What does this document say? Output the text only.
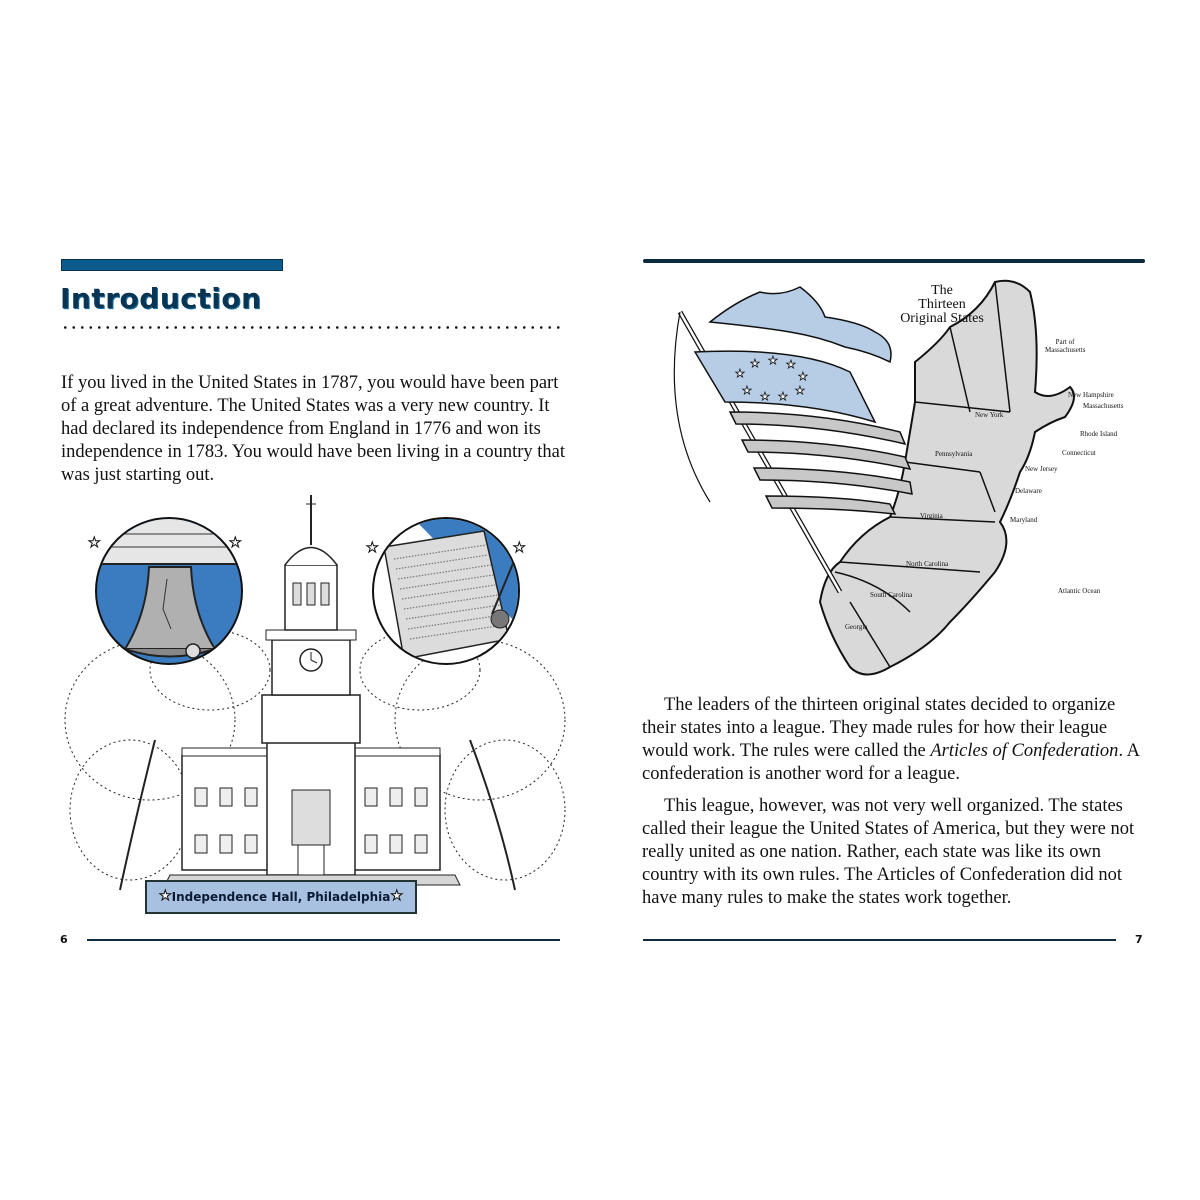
Introduction
If you lived in the United States in 1787, you would have been part of a great adventure. The United States was a very new country. It had declared its independence from England in 1776 and won its independence in 1783. You would have been living in a country that was just starting out.
★	★	★	★
★ Independence Hall, Philadelphia ★
6
★
★ ★ ★
★
★
★
★
★
The
Thirteen
Original States
Part of Massachusetts
New Hampshire
Massachusetts
Rhode Island
Connecticut
New York
New Jersey
Pennsylvania
Delaware
Maryland
Virginia
North Carolina
South Carolina
Georgia
Atlantic Ocean

The leaders of the thirteen original states decided to organize their states into a league. They made rules for how their league would work. The rules were called the Articles of Confederation. A confederation is another word for a league.

This league, however, was not very well organized. The states called their league the United States of America, but they were not really united as one nation. Rather, each state was like its own country with its own rules. The Articles of Confederation did not have many rules to make the states work together.

7
